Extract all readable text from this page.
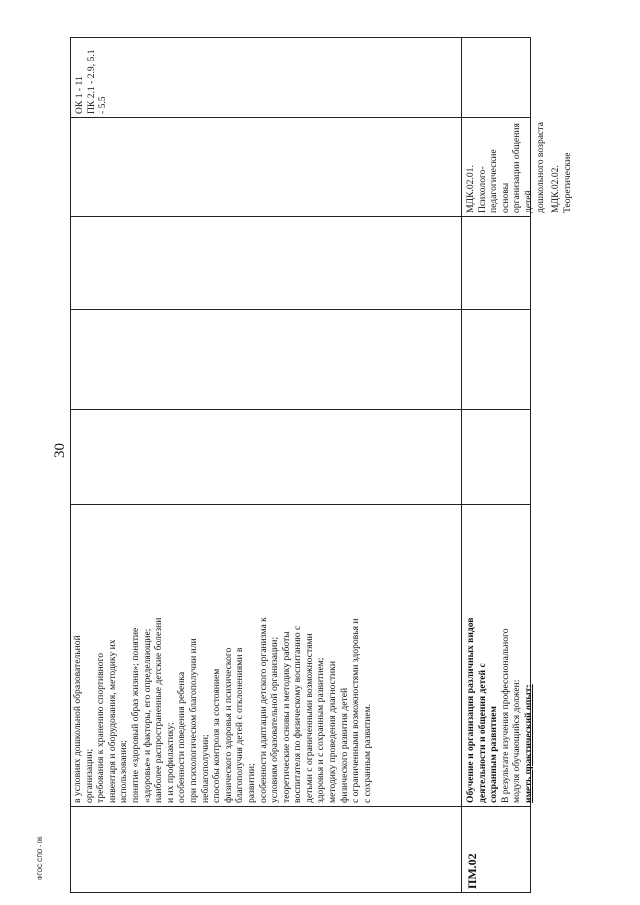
30
ФГОС СПО - 06

в условиях дошкольной образовательной организации; требования к хранению спортивного инвентаря и оборудования, методику их использования; понятие «здоровый образ жизни»; понятие «здоровье» и факторы, его определяющие; наиболее распространенные детские болезни и их профилактику; особенности поведения ребенка при психологическом благополучии или неблагополучии; способы контроля за состоянием физического здоровья и психического благополучия детей с отклонениями в развитии; особенности адаптации детского организма к условиям образовательной организации; теоретические основы и методику работы воспитателя по физическому воспитанию с детьми с ограниченными возможностями здоровья и с сохранным развитием; методику проведения диагностики физического развития детей с ограниченными возможностями здоровья и с сохранным развитием.

ОК 1 - 11 ПК 2.1 - 2.9, 5.1 - 5.5

ПМ.02

Обучение и организация различных видов деятельности и общения детей с сохранным развитием В результате изучения профессионального модуля обучающийся должен: иметь практический опыт:

МДК.02.01. Психолого- педагогические основы организации общения детей дошкольного возраста МДК.02.02. Теоретические
